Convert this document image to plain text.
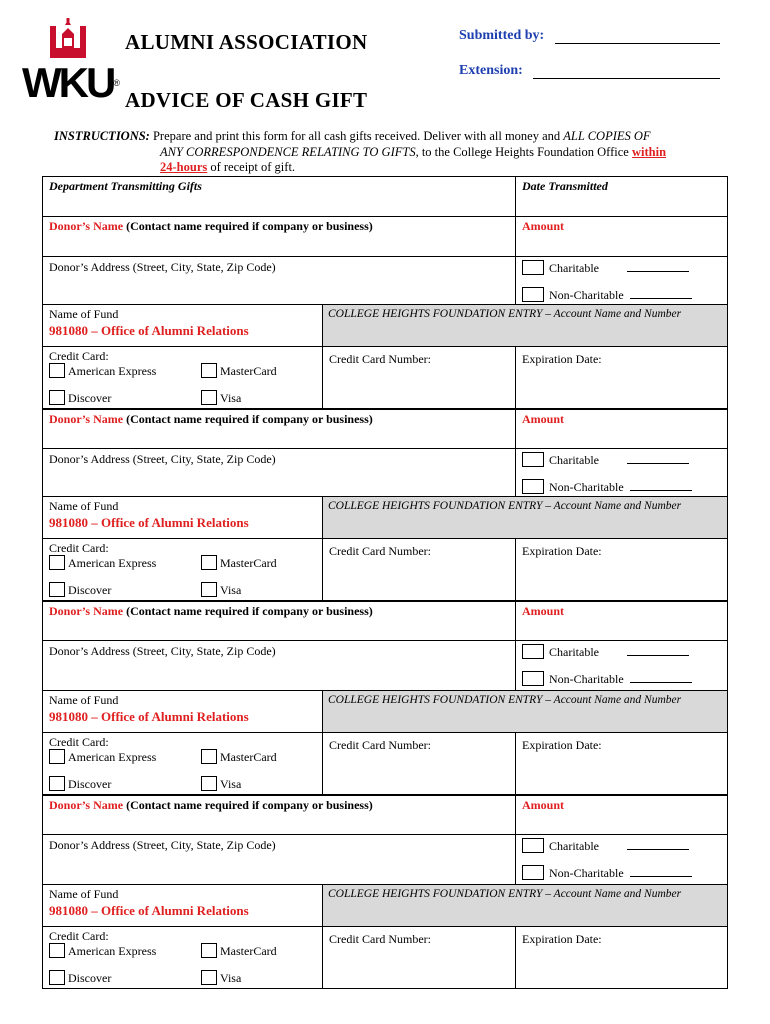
WKU®
ALUMNI ASSOCIATION
ADVICE OF CASH GIFT
Submitted by:
Extension:
INSTRUCTIONS: Prepare and print this form for all cash gifts received. Deliver with all money and ALL COPIES OF
ANY CORRESPONDENCE RELATING TO GIFTS, to the College Heights Foundation Office within
24-hours of receipt of gift.
Department Transmitting Gifts		Date Transmitted
Donor’s Name (Contact name required if company or business)		Amount
Donor’s Address (Street, City, State, Zip Code)		Charitable
Non-Charitable

Name of Fund
981080 – Office of Alumni Relations	COLLEGE HEIGHTS FOUNDATION ENTRY – Account Name and Number	

Credit Card:
American Express MasterCard
Discover Visa	Credit Card Number:	Expiration Date:
Donor’s Name (Contact name required if company or business)		Amount
Donor’s Address (Street, City, State, Zip Code)		Charitable
Non-Charitable

Name of Fund
981080 – Office of Alumni Relations	COLLEGE HEIGHTS FOUNDATION ENTRY – Account Name and Number	

Credit Card:
American Express MasterCard
Discover Visa	Credit Card Number:	Expiration Date:
Donor’s Name (Contact name required if company or business)		Amount
Donor’s Address (Street, City, State, Zip Code)		Charitable
Non-Charitable

Name of Fund
981080 – Office of Alumni Relations	COLLEGE HEIGHTS FOUNDATION ENTRY – Account Name and Number	

Credit Card:
American Express MasterCard
Discover Visa	Credit Card Number:	Expiration Date:
Donor’s Name (Contact name required if company or business)		Amount
Donor’s Address (Street, City, State, Zip Code)		Charitable
Non-Charitable

Name of Fund
981080 – Office of Alumni Relations	COLLEGE HEIGHTS FOUNDATION ENTRY – Account Name and Number	

Credit Card:
American Express MasterCard
Discover Visa	Credit Card Number:	Expiration Date:
